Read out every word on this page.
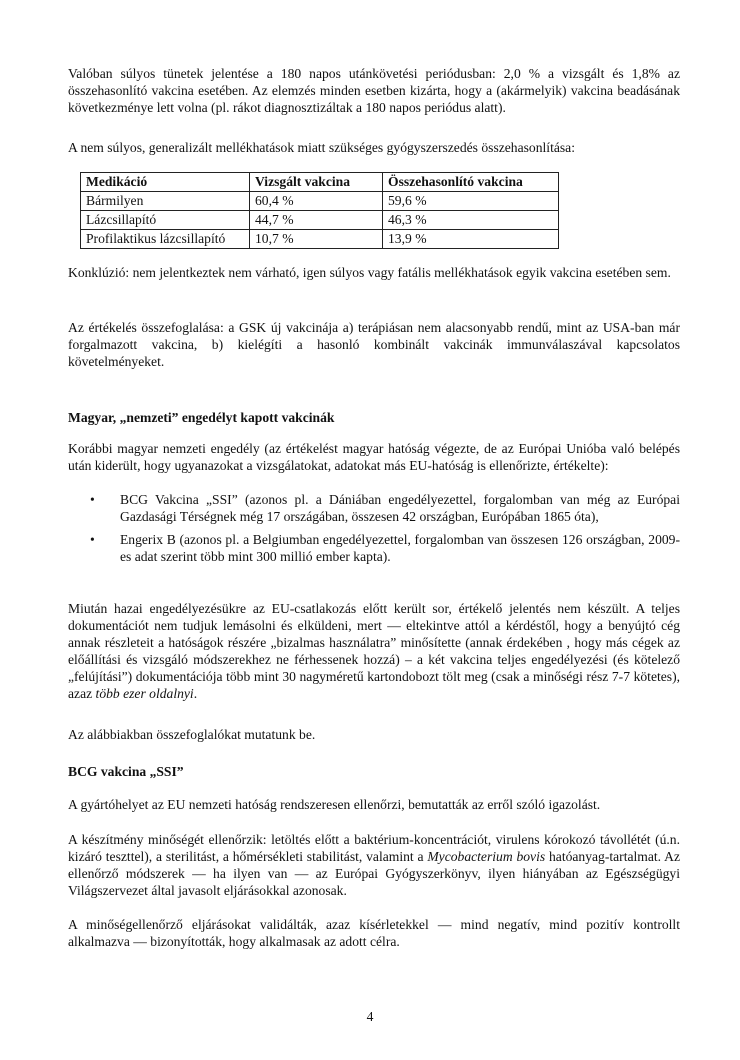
Valóban súlyos tünetek jelentése a 180 napos utánkövetési periódusban: 2,0 % a vizsgált és 1,8% az összehasonlító vakcina esetében. Az elemzés minden esetben kizárta, hogy a (akármelyik) vakcina beadásának következménye lett volna (pl. rákot diagnosztizáltak a 180 napos periódus alatt).

A nem súlyos, generalizált mellékhatások miatt szükséges gyógyszerszedés összehasonlítása:

Medikáció	Vizsgált vakcina	Összehasonlító vakcina
Bármilyen	60,4 %	59,6 %
Lázcsillapító	44,7 %	46,3 %
Profilaktikus lázcsillapító	10,7 %	13,9 %

Konklúzió: nem jelentkeztek nem várható, igen súlyos vagy fatális mellékhatások egyik vakcina esetében sem.

Az értékelés összefoglalása: a GSK új vakcinája a) terápiásan nem alacsonyabb rendű, mint az USA-ban már forgalmazott vakcina, b) kielégíti a hasonló kombinált vakcinák immunválaszával kapcsolatos követelményeket.

Magyar, „nemzeti” engedélyt kapott vakcinák

Korábbi magyar nemzeti engedély (az értékelést magyar hatóság végezte, de az Európai Unióba való belépés után kiderült, hogy ugyanazokat a vizsgálatokat, adatokat más EU-hatóság is ellenőrizte, értékelte):

• BCG Vakcina „SSI” (azonos pl. a Dániában engedélyezettel, forgalomban van még az Európai Gazdasági Térségnek még 17 országában, összesen 42 országban, Európában 1865 óta),
• Engerix B (azonos pl. a Belgiumban engedélyezettel, forgalomban van összesen 126 országban, 2009-es adat szerint több mint 300 millió ember kapta).

Miután hazai engedélyezésükre az EU-csatlakozás előtt került sor, értékelő jelentés nem készült. A teljes dokumentációt nem tudjuk lemásolni és elküldeni, mert — eltekintve attól a kérdéstől, hogy a benyújtó cég annak részleteit a hatóságok részére „bizalmas használatra” minősítette (annak érdekében , hogy más cégek az előállítási és vizsgáló módszerekhez ne férhessenek hozzá) – a két vakcina teljes engedélyezési (és kötelező „felújítási”) dokumentációja több mint 30 nagyméretű kartondobozt tölt meg (csak a minőségi rész 7-7 kötetes), azaz több ezer oldalnyi.

Az alábbiakban összefoglalókat mutatunk be.

BCG vakcina „SSI”

A gyártóhelyet az EU nemzeti hatóság rendszeresen ellenőrzi, bemutatták az erről szóló igazolást.

A készítmény minőségét ellenőrzik: letöltés előtt a baktérium-koncentrációt, virulens kórokozó távollétét (ú.n. kizáró teszttel), a sterilitást, a hőmérsékleti stabilitást, valamint a Mycobacterium bovis hatóanyag-tartalmat. Az ellenőrző módszerek — ha ilyen van — az Európai Gyógyszerkönyv, ilyen hiányában az Egészségügyi Világszervezet által javasolt eljárásokkal azonosak.

A minőségellenőrző eljárásokat validálták, azaz kísérletekkel — mind negatív, mind pozitív kontrollt alkalmazva — bizonyították, hogy alkalmasak az adott célra.

4
